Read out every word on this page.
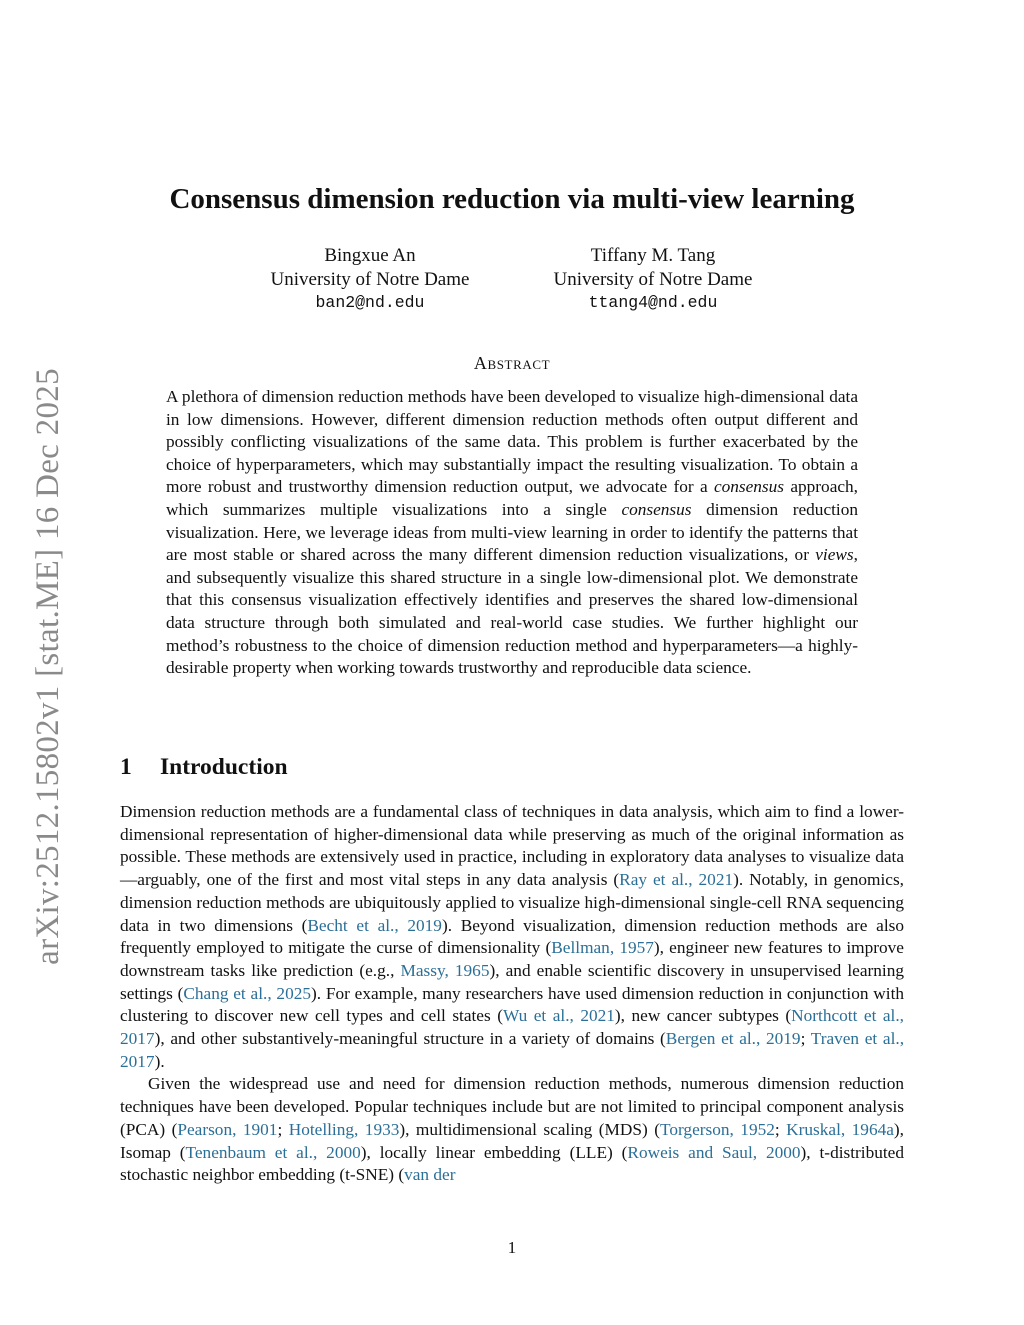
arXiv:2512.15802v1 [stat.ME] 16 Dec 2025
Consensus dimension reduction via multi-view learning
Bingxue An
University of Notre Dame
ban2@nd.edu
Tiffany M. Tang
University of Notre Dame
ttang4@nd.edu
Abstract

A plethora of dimension reduction methods have been developed to visualize high-dimensional data in low dimensions. However, different dimension reduction methods often output different and possibly conflicting visualizations of the same data. This problem is further exacerbated by the choice of hyperparameters, which may substantially impact the resulting visualization. To obtain a more robust and trustworthy dimension reduction output, we advocate for a consensus approach, which summarizes multiple visualizations into a single consensus dimension reduction visualization. Here, we leverage ideas from multi-view learning in order to identify the patterns that are most stable or shared across the many different dimension reduction visualizations, or views, and subsequently visualize this shared structure in a single low-dimensional plot. We demonstrate that this consensus visualization effectively identifies and preserves the shared low-dimensional data structure through both simulated and real-world case studies. We further highlight our method’s robustness to the choice of dimension reduction method and hyperparameters—a highly-desirable property when working towards trustworthy and reproducible data science.

1 Introduction

Dimension reduction methods are a fundamental class of techniques in data analysis, which aim to find a lower-dimensional representation of higher-dimensional data while preserving as much of the original information as possible. These methods are extensively used in practice, including in exploratory data analyses to visualize data—arguably, one of the first and most vital steps in any data analysis (Ray et al., 2021). Notably, in genomics, dimension reduction methods are ubiquitously applied to visualize high-dimensional single-cell RNA sequencing data in two dimensions (Becht et al., 2019). Beyond visualization, dimension reduction methods are also frequently employed to mitigate the curse of dimensionality (Bellman, 1957), engineer new features to improve downstream tasks like prediction (e.g., Massy, 1965), and enable scientific discovery in unsupervised learning settings (Chang et al., 2025). For example, many researchers have used dimension reduction in conjunction with clustering to discover new cell types and cell states (Wu et al., 2021), new cancer subtypes (Northcott et al., 2017), and other substantively-meaningful structure in a variety of domains (Bergen et al., 2019; Traven et al., 2017).

Given the widespread use and need for dimension reduction methods, numerous dimension reduction techniques have been developed. Popular techniques include but are not limited to principal component analysis (PCA) (Pearson, 1901; Hotelling, 1933), multidimensional scaling (MDS) (Torgerson, 1952; Kruskal, 1964a), Isomap (Tenenbaum et al., 2000), locally linear embedding (LLE) (Roweis and Saul, 2000), t-distributed stochastic neighbor embedding (t-SNE) (van der

1
